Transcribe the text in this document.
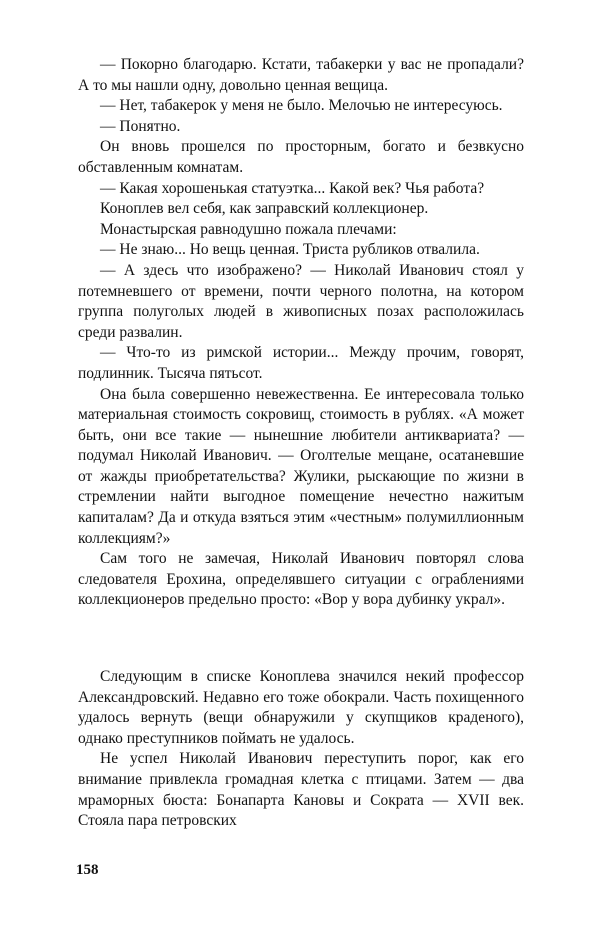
— Покорно благодарю. Кстати, табакерки у вас не пропадали? А то мы нашли одну, довольно ценная вещица.

— Нет, табакерок у меня не было. Мелочью не интересуюсь.

— Понятно.

Он вновь прошелся по просторным, богато и безвкусно обставленным комнатам.

— Какая хорошенькая статуэтка... Какой век? Чья работа?

Коноплев вел себя, как заправский коллекционер.

Монастырская равнодушно пожала плечами:

— Не знаю... Но вещь ценная. Триста рубликов отвалила.

— А здесь что изображено? — Николай Иванович стоял у потемневшего от времени, почти черного полотна, на котором группа полуголых людей в живописных позах расположилась среди развалин.

— Что-то из римской истории... Между прочим, говорят, подлинник. Тысяча пятьсот.

Она была совершенно невежественна. Ее интересовала только материальная стоимость сокровищ, стоимость в рублях. «А может быть, они все такие — нынешние любители антиквариата? — подумал Николай Иванович. — Оголтелые мещане, осатаневшие от жажды приобретательства? Жулики, рыскающие по жизни в стремлении найти выгодное помещение нечестно нажитым капиталам? Да и откуда взяться этим «честным» полумиллионным коллекциям?»

Сам того не замечая, Николай Иванович повторял слова следователя Ерохина, определявшего ситуации с ограблениями коллекционеров предельно просто: «Вор у вора дубинку украл».

Следующим в списке Коноплева значился некий профессор Александровский. Недавно его тоже обокрали. Часть похищенного удалось вернуть (вещи обнаружили у скупщиков краденого), однако преступников поймать не удалось.

Не успел Николай Иванович переступить порог, как его внимание привлекла громадная клетка с птицами. Затем — два мраморных бюста: Бонапарта Кановы и Сократа — XVII век. Стояла пара петровских

158
